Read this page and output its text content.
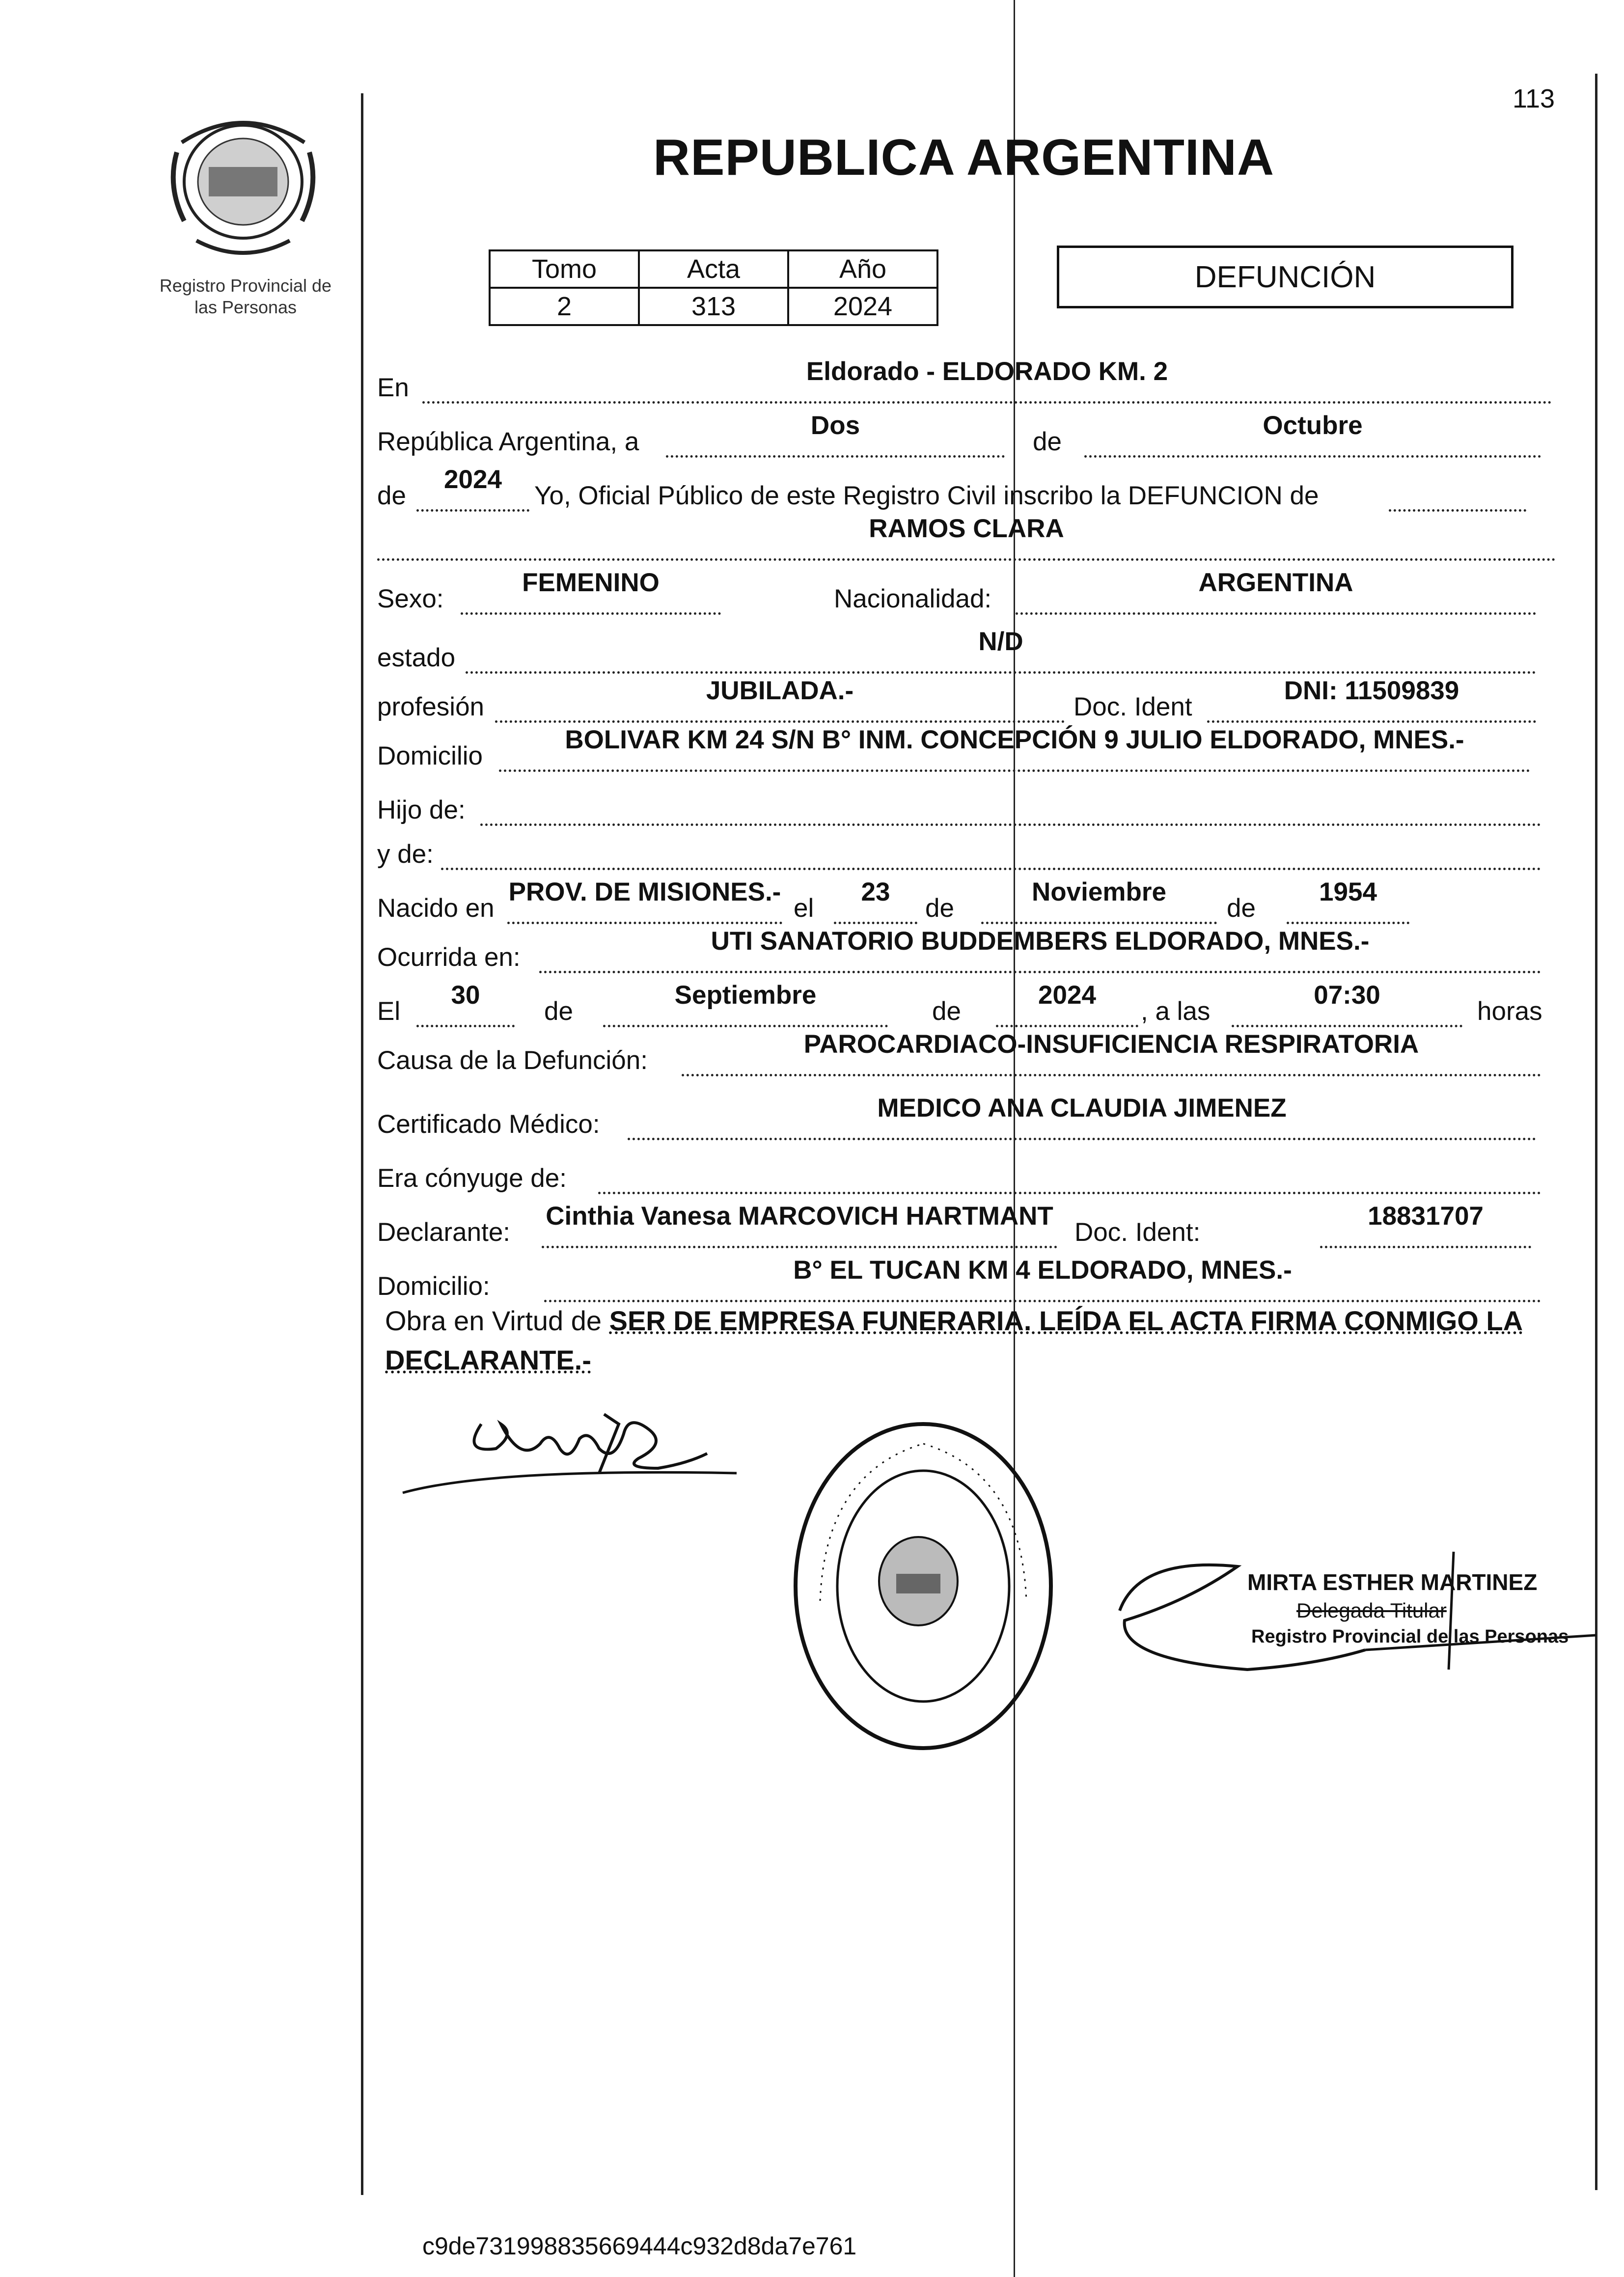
113
Registro Provincial de
las Personas
REPUBLICA ARGENTINA
Tomo	Acta	Año
2	313	2024
DEFUNCIÓN
En
Eldorado - ELDORADO KM. 2
República Argentina, a
Dos
de
Octubre
de
2024
Yo, Oficial Público de este Registro Civil inscribo la DEFUNCION de
RAMOS CLARA
Sexo:
FEMENINO
Nacionalidad:
ARGENTINA
estado
N/D
profesión
JUBILADA.-
Doc. Ident
DNI: 11509839
Domicilio
BOLIVAR KM 24 S/N B° INM. CONCEPCIÓN 9 JULIO ELDORADO, MNES.-
Hijo de:
y de:
Nacido en
PROV. DE MISIONES.-
el
23
de
Noviembre
de
1954
Ocurrida en:
UTI SANATORIO BUDDEMBERS ELDORADO, MNES.-
El
30
de
Septiembre
de
2024
, a las
07:30
horas
Causa de la Defunción:
PAROCARDIACO-INSUFICIENCIA RESPIRATORIA
Certificado Médico:
MEDICO ANA CLAUDIA JIMENEZ
Era cónyuge de:
Declarante:
Cinthia Vanesa MARCOVICH HARTMANT
Doc. Ident:
18831707
Domicilio:
B° EL TUCAN KM 4 ELDORADO, MNES.-
Obra en Virtud de SER DE EMPRESA FUNERARIA. LEÍDA EL ACTA FIRMA CONMIGO LA DECLARANTE.-
MIRTA ESTHER MARTINEZ
Delegada Titular
Registro Provincial de las Personas
c9de731998835669444c932d8da7e761
